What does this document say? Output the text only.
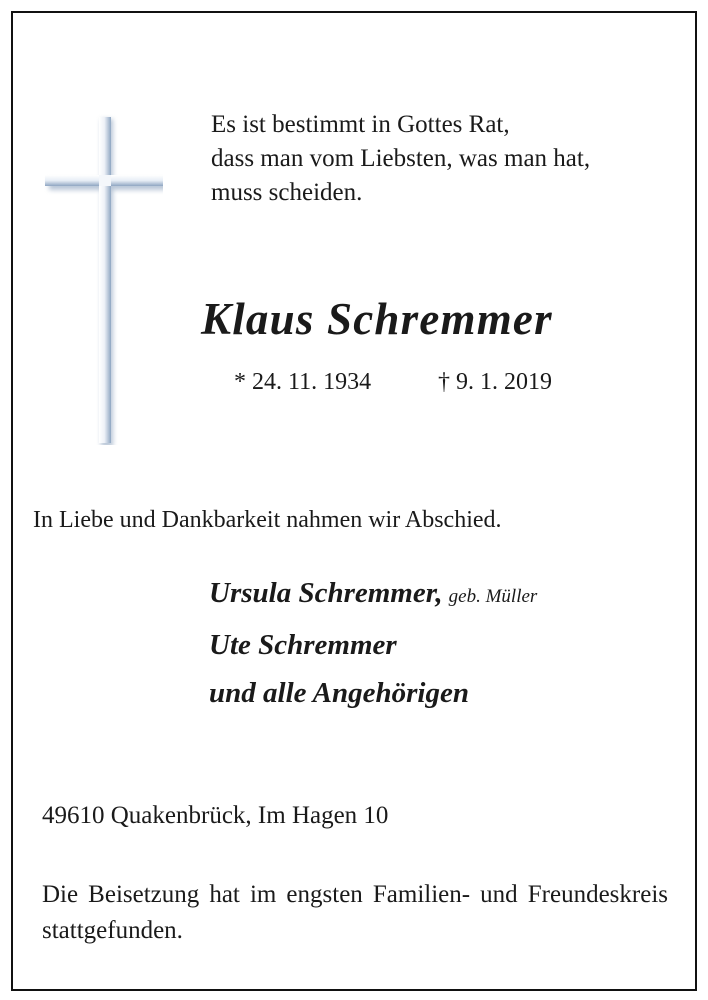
Es ist bestimmt in Gottes Rat,
dass man vom Liebsten, was man hat,
muss scheiden.
Klaus Schremmer
* 24. 11. 1934	† 9. 1. 2019
In Liebe und Dankbarkeit nahmen wir Abschied.
Ursula Schremmer, geb. Müller
Ute Schremmer
und alle Angehörigen
49610 Quakenbrück, Im Hagen 10
Die Beisetzung hat im engsten Familien- und Freundeskreis stattgefunden.
